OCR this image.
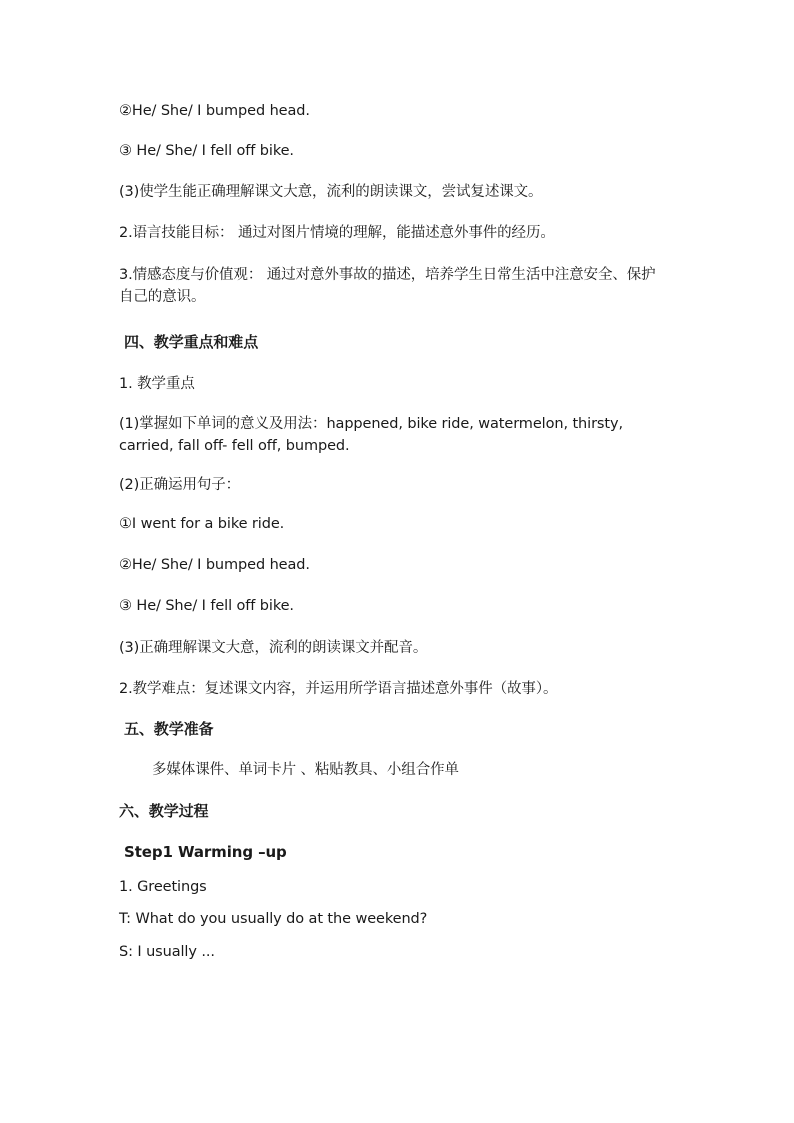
②He/ She/ I bumped head.
③ He/ She/ I fell off bike.
(3)使学生能正确理解课文大意，流利的朗读课文，尝试复述课文。
2.语言技能目标： 通过对图片情境的理解，能描述意外事件的经历。
3.情感态度与价值观： 通过对意外事故的描述，培养学生日常生活中注意安全、保护自己的意识。
四、教学重点和难点
1. 教学重点
(1)掌握如下单词的意义及用法：happened, bike ride, watermelon, thirsty, carried, fall off- fell off, bumped.
(2)正确运用句子：
①I went for a bike ride.
②He/ She/ I bumped head.
③ He/ She/ I fell off bike.
(3)正确理解课文大意，流利的朗读课文并配音。
2.教学难点：复述课文内容，并运用所学语言描述意外事件（故事）。
五、教学准备
多媒体课件、单词卡片 、粘贴教具、小组合作单
六、教学过程
Step1 Warming –up
1. Greetings
T: What do you usually do at the weekend?
S: I usually ...
